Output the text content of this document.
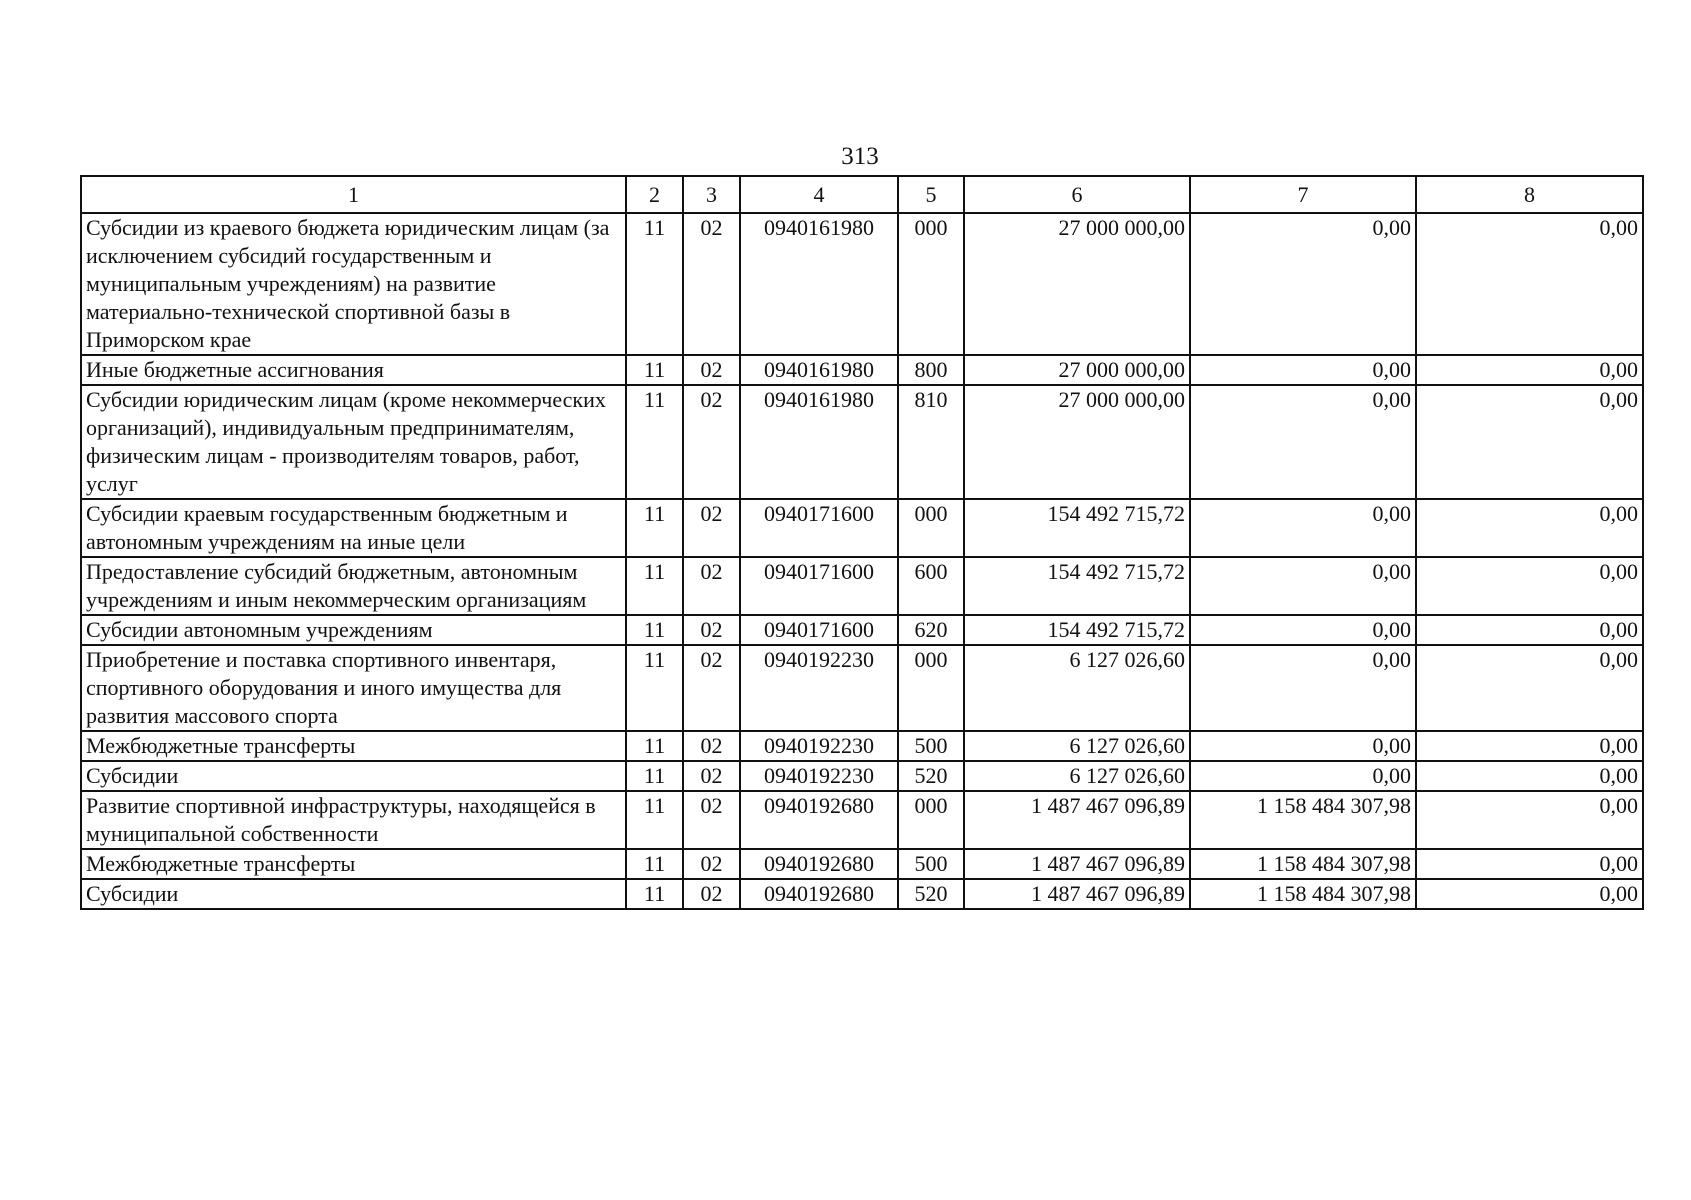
313
1	2	3	4	5	6	7	8
Субсидии из краевого бюджета юридическим лицам (за исключением субсидий государственным и муниципальным учреждениям) на развитие материально-технической спортивной базы в Приморском крае	11	02	0940161980	000	27 000 000,00	0,00	0,00
Иные бюджетные ассигнования	11	02	0940161980	800	27 000 000,00	0,00	0,00
Субсидии юридическим лицам (кроме некоммерческих организаций), индивидуальным предпринимателям, физическим лицам - производителям товаров, работ, услуг	11	02	0940161980	810	27 000 000,00	0,00	0,00
Субсидии краевым государственным бюджетным и автономным учреждениям на иные цели	11	02	0940171600	000	154 492 715,72	0,00	0,00
Предоставление субсидий бюджетным, автономным учреждениям и иным некоммерческим организациям	11	02	0940171600	600	154 492 715,72	0,00	0,00
Субсидии автономным учреждениям	11	02	0940171600	620	154 492 715,72	0,00	0,00
Приобретение и поставка спортивного инвентаря, спортивного оборудования и иного имущества для развития массового спорта	11	02	0940192230	000	6 127 026,60	0,00	0,00
Межбюджетные трансферты	11	02	0940192230	500	6 127 026,60	0,00	0,00
Субсидии	11	02	0940192230	520	6 127 026,60	0,00	0,00
Развитие спортивной инфраструктуры, находящейся в муниципальной собственности	11	02	0940192680	000	1 487 467 096,89	1 158 484 307,98	0,00
Межбюджетные трансферты	11	02	0940192680	500	1 487 467 096,89	1 158 484 307,98	0,00
Субсидии	11	02	0940192680	520	1 487 467 096,89	1 158 484 307,98	0,00
